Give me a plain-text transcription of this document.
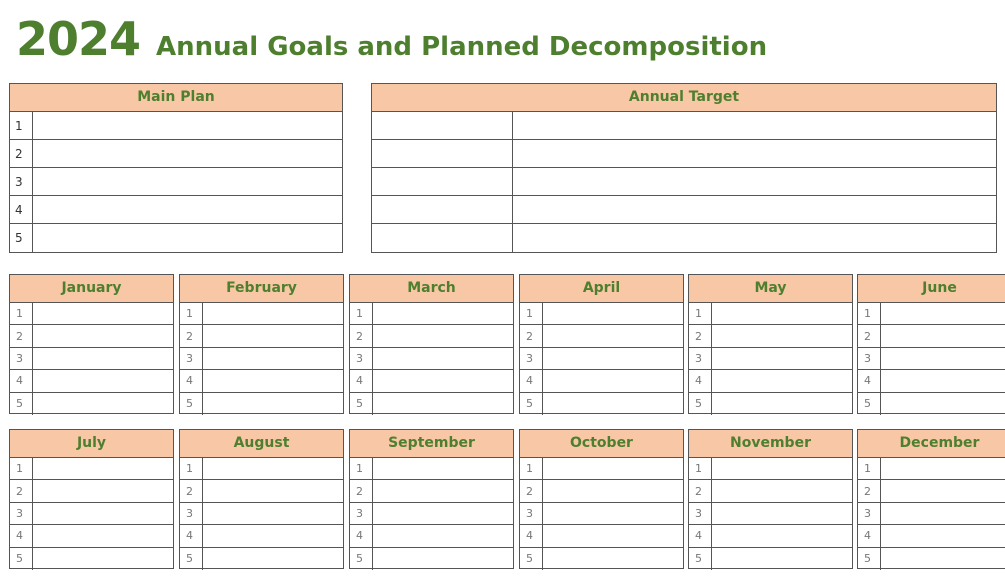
2024 Annual Goals and Planned Decomposition
Main Plan
1
2
3
4
5
Annual Target
January
1
2
3
4
5
February
1
2
3
4
5
March
1
2
3
4
5
April
1
2
3
4
5
May
1
2
3
4
5
June
1
2
3
4
5
July
1
2
3
4
5
August
1
2
3
4
5
September
1
2
3
4
5
October
1
2
3
4
5
November
1
2
3
4
5
December
1
2
3
4
5
